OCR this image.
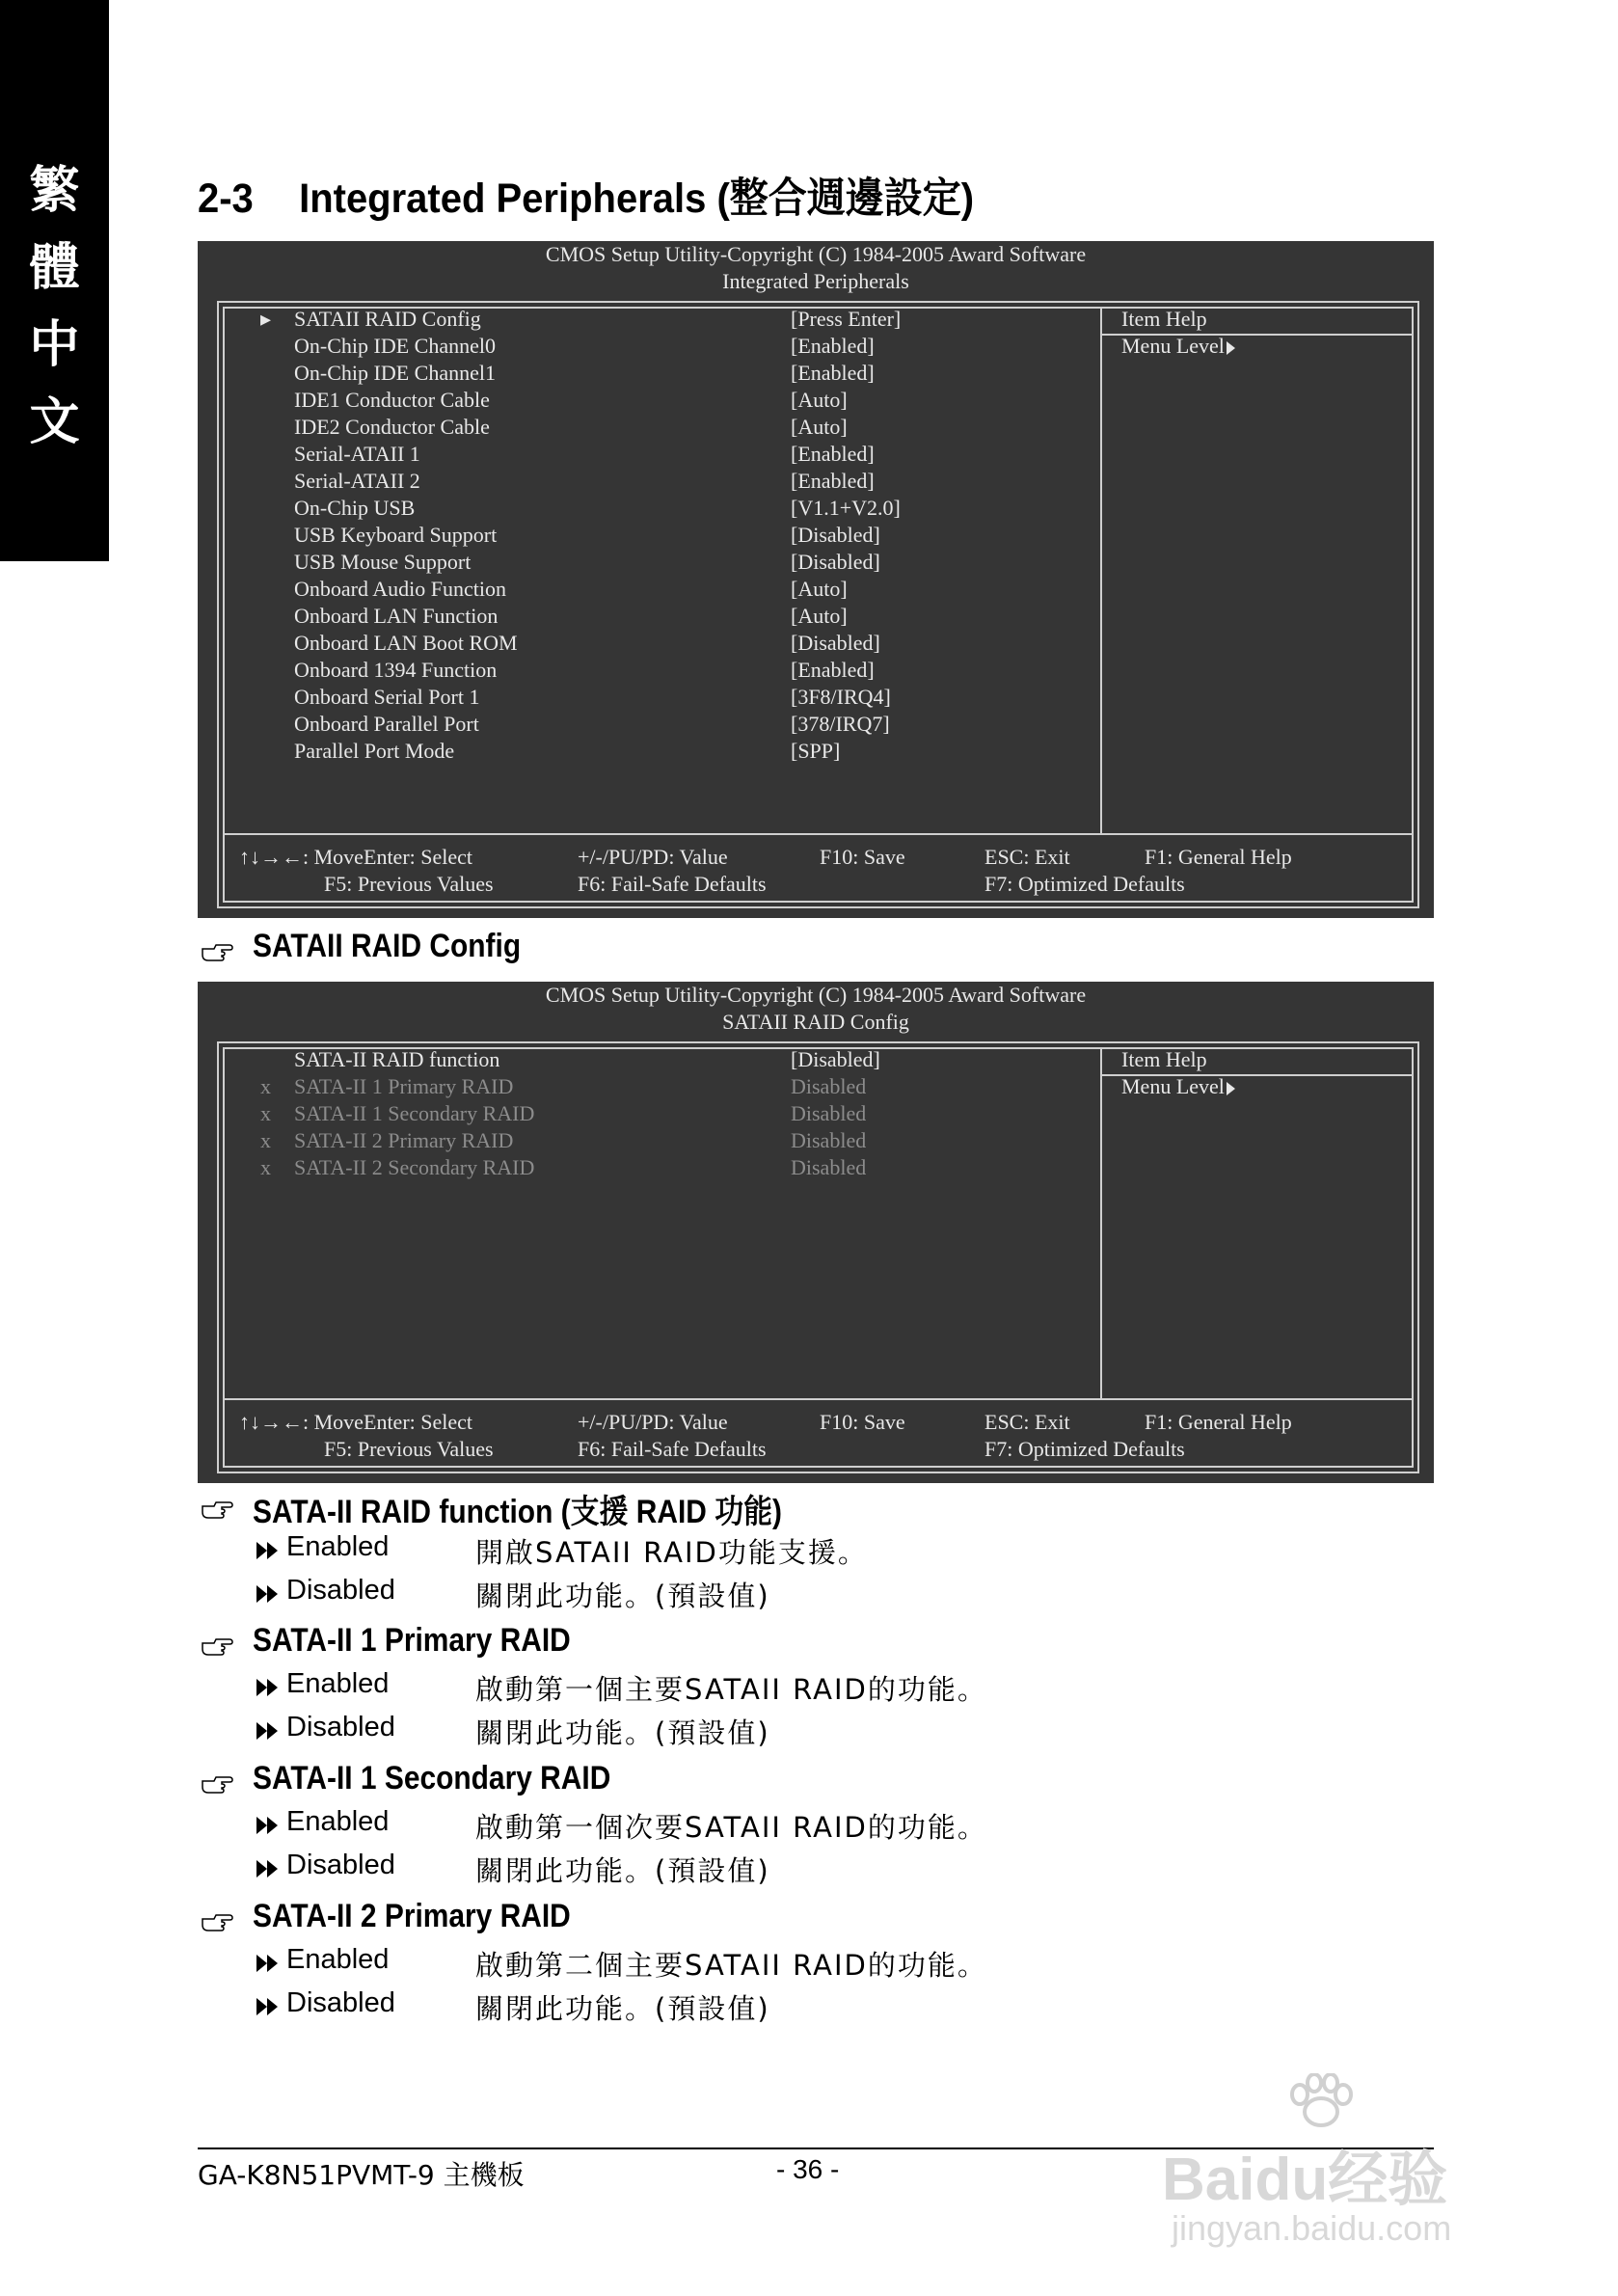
繁
體
中
文
2-3 Integrated Peripherals (整合週邊設定)
CMOS Setup Utility-Copyright (C) 1984-2005 Award Software
Integrated Peripherals
Item Help
Menu Level
▸ SATAII RAID Config	[Press Enter]
On-Chip IDE Channel0	[Enabled]
On-Chip IDE Channel1	[Enabled]
IDE1 Conductor Cable	[Auto]
IDE2 Conductor Cable	[Auto]
Serial-ATAII 1	[Enabled]
Serial-ATAII 2	[Enabled]
On-Chip USB	[V1.1+V2.0]
USB Keyboard Support	[Disabled]
USB Mouse Support	[Disabled]
Onboard Audio Function	[Auto]
Onboard LAN Function	[Auto]
Onboard LAN Boot ROM	[Disabled]
Onboard 1394 Function	[Enabled]
Onboard Serial Port 1	[3F8/IRQ4]
Onboard Parallel Port	[378/IRQ7]
Parallel Port Mode	[SPP]
↑↓→←: Move Enter: Select	+/-/PU/PD: Value	F10: Save	ESC: Exit	F1: General Help
F5: Previous Values	F6: Fail-Safe Defaults	F7: Optimized Defaults
SATAII RAID Config
CMOS Setup Utility-Copyright (C) 1984-2005 Award Software
SATAII RAID Config
Item Help
Menu Level
SATA-II RAID function	[Disabled]
x SATA-II 1 Primary RAID	Disabled
x SATA-II 1 Secondary RAID	Disabled
x SATA-II 2 Primary RAID	Disabled
x SATA-II 2 Secondary RAID	Disabled
↑↓→←: Move Enter: Select	+/-/PU/PD: Value	F10: Save	ESC: Exit	F1: General Help
F5: Previous Values	F6: Fail-Safe Defaults	F7: Optimized Defaults
SATA-II RAID function (支援 RAID 功能)
Enabled	開啟SATAII RAID功能支援。
Disabled	關閉此功能。(預設值)
SATA-II 1 Primary RAID
Enabled	啟動第一個主要SATAII RAID的功能。
Disabled	關閉此功能。(預設值)
SATA-II 1 Secondary RAID
Enabled	啟動第一個次要SATAII RAID的功能。
Disabled	關閉此功能。(預設值)
SATA-II 2 Primary RAID
Enabled	啟動第二個主要SATAII RAID的功能。
Disabled	關閉此功能。(預設值)
GA-K8N51PVMT-9 主機板	- 36 -	Baidu经验
jingyan.baidu.com
